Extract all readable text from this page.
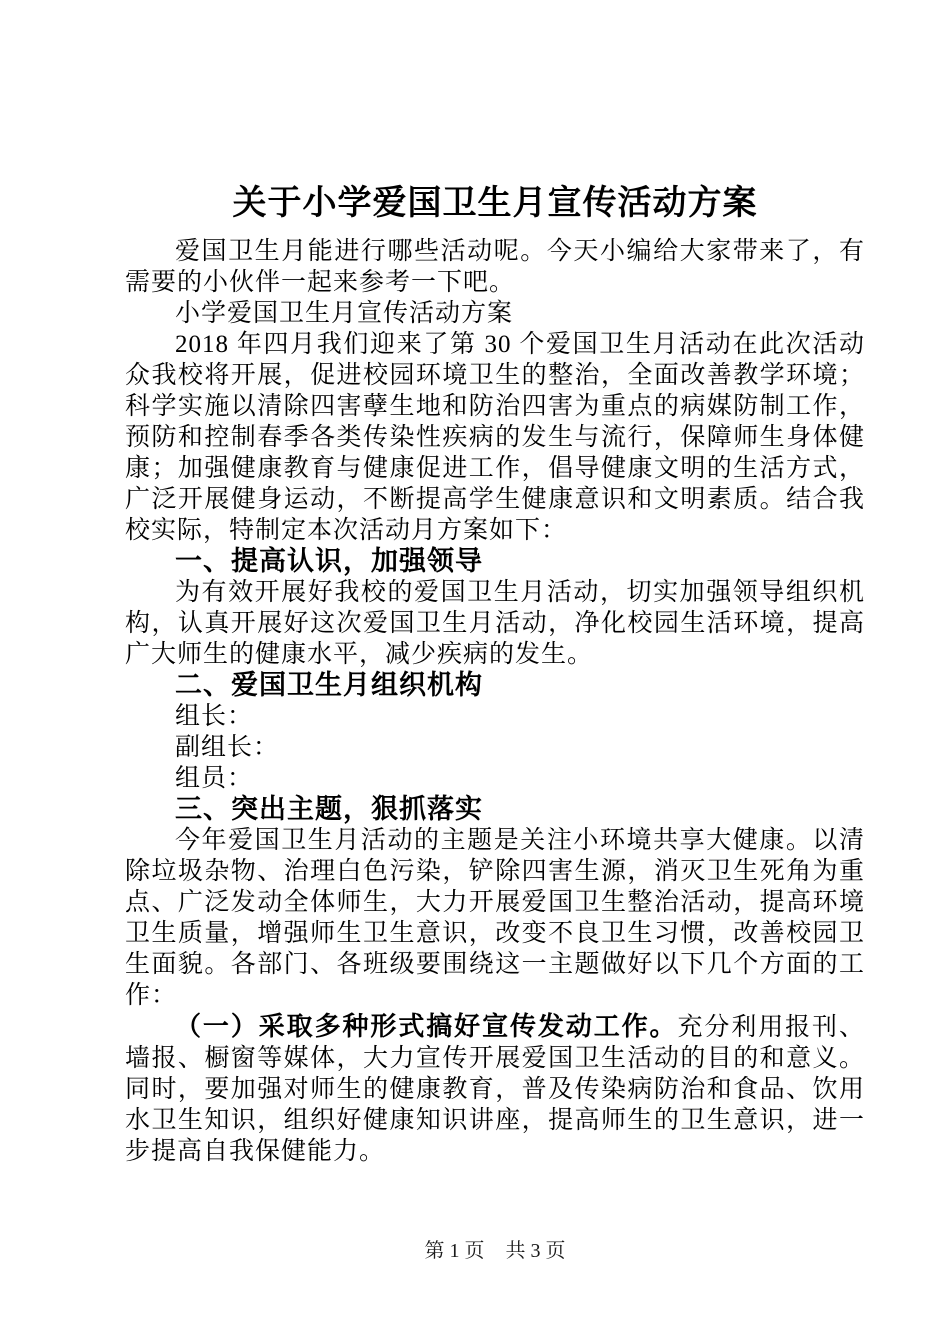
关于小学爱国卫生月宣传活动方案

爱国卫生月能进行哪些活动呢。今天小编给大家带来了，有需要的小伙伴一起来参考一下吧。

小学爱国卫生月宣传活动方案

2018 年四月我们迎来了第 30 个爱国卫生月活动在此次活动众我校将开展，促进校园环境卫生的整治，全面改善教学环境；科学实施以清除四害孽生地和防治四害为重点的病媒防制工作，预防和控制春季各类传染性疾病的发生与流行，保障师生身体健康；加强健康教育与健康促进工作，倡导健康文明的生活方式，广泛开展健身运动，不断提高学生健康意识和文明素质。结合我校实际，特制定本次活动月方案如下：

一、提高认识，加强领导

为有效开展好我校的爱国卫生月活动，切实加强领导组织机构，认真开展好这次爱国卫生月活动，净化校园生活环境，提高广大师生的健康水平，减少疾病的发生。

二、爱国卫生月组织机构

组长：

副组长：

组员：

三、突出主题，狠抓落实

今年爱国卫生月活动的主题是关注小环境共享大健康。以清除垃圾杂物、治理白色污染，铲除四害生源，消灭卫生死角为重点、广泛发动全体师生，大力开展爱国卫生整治活动，提高环境卫生质量，增强师生卫生意识，改变不良卫生习惯，改善校园卫生面貌。各部门、各班级要围绕这一主题做好以下几个方面的工作：

（一）采取多种形式搞好宣传发动工作。充分利用报刊、墙报、橱窗等媒体，大力宣传开展爱国卫生活动的目的和意义。同时，要加强对师生的健康教育，普及传染病防治和食品、饮用水卫生知识，组织好健康知识讲座，提高师生的卫生意识，进一步提高自我保健能力。

第 1 页 共 3 页
